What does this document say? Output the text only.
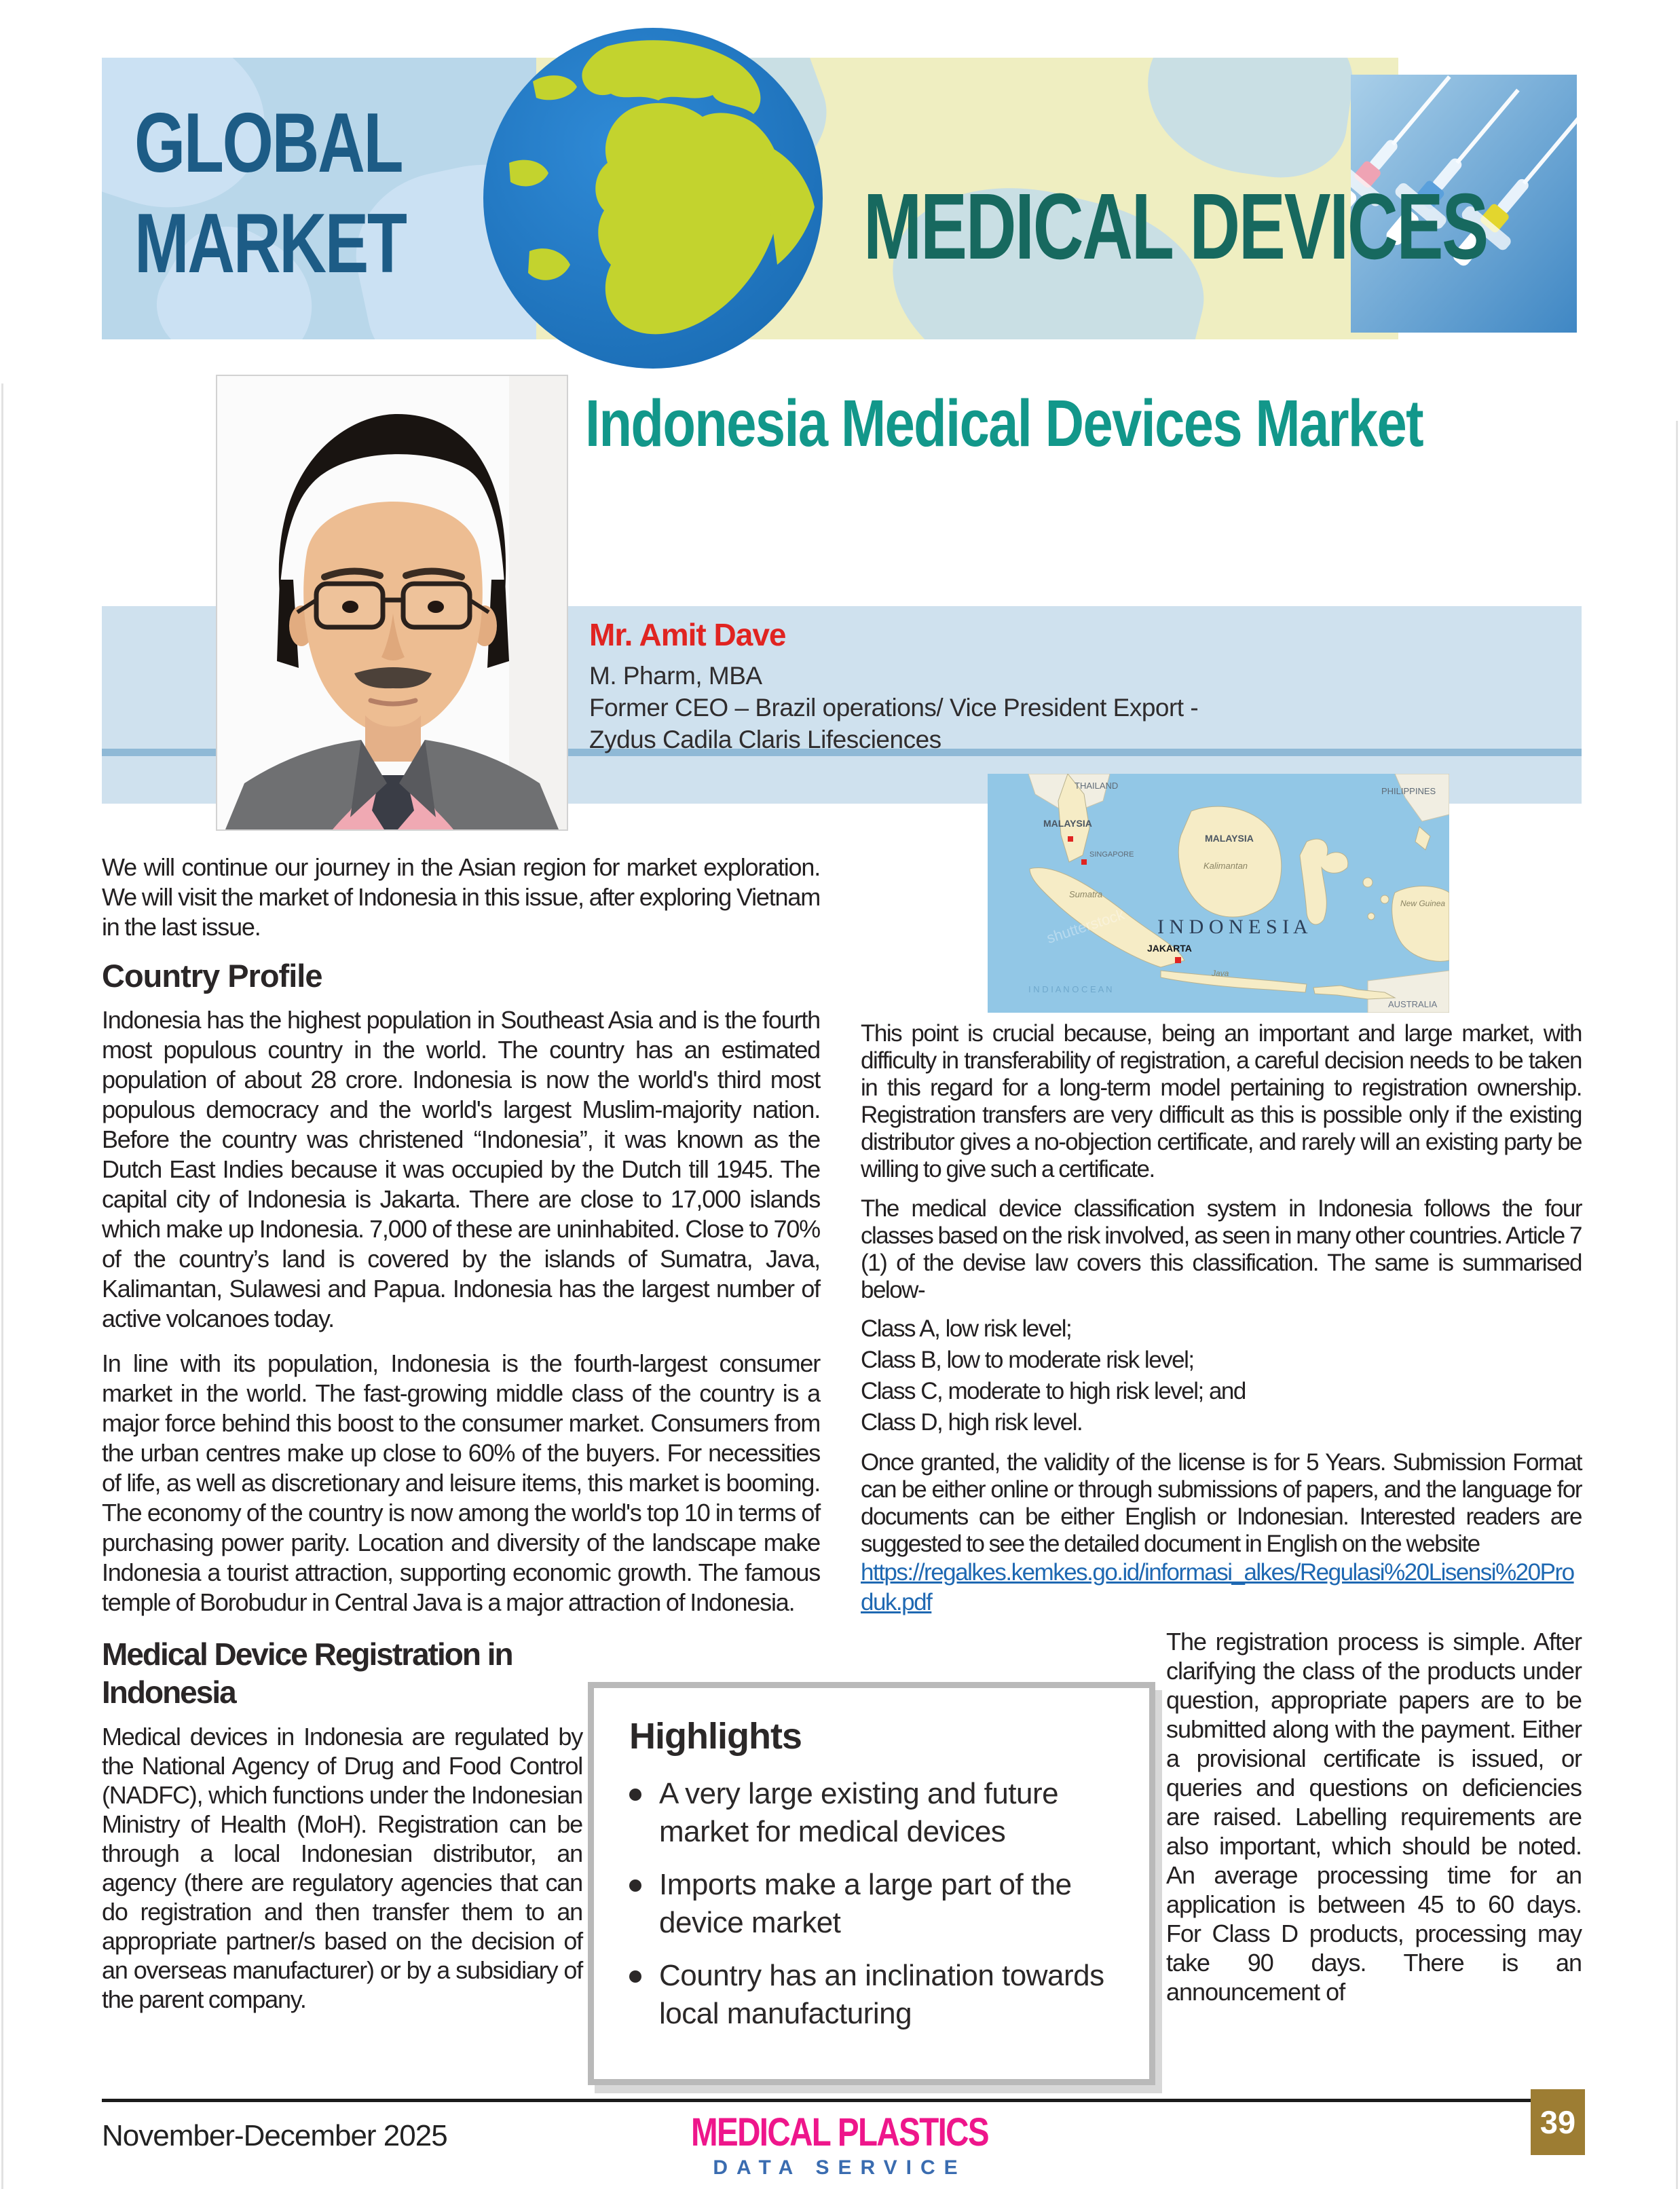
GLOBAL
MARKET	MEDICAL DEVICES
Indonesia Medical Devices Market
Mr. Amit Dave
M. Pharm, MBA
Former CEO – Brazil operations/ Vice President Export -
Zydus Cadila Claris Lifesciences
shutterstock
THAILAND
MALAYSIA
SINGAPORE
MALAYSIA
PHILIPPINES
I N D O N E S I A
JAKARTA
Sumatra
Kalimantan
Java
New Guinea
AUSTRALIA
I N D I A N O C E A N
We will continue our journey in the Asian region for market exploration. We will visit the market of Indonesia in this issue, after exploring Vietnam in the last issue.
Country Profile
Indonesia has the highest population in Southeast Asia and is the fourth most populous country in the world. The country has an estimated population of about 28 crore. Indonesia is now the world's third most populous democracy and the world's largest Muslim-majority nation. Before the country was christened “Indonesia”, it was known as the Dutch East Indies because it was occupied by the Dutch till 1945. The capital city of Indonesia is Jakarta. There are close to 17,000 islands which make up Indonesia. 7,000 of these are uninhabited. Close to 70% of the country’s land is covered by the islands of Sumatra, Java, Kalimantan, Sulawesi and Papua. Indonesia has the largest number of active volcanoes today.
In line with its population, Indonesia is the fourth-largest consumer market in the world. The fast-growing middle class of the country is a major force behind this boost to the consumer market. Consumers from the urban centres make up close to 60% of the buyers. For necessities of life, as well as discretionary and leisure items, this market is booming. The economy of the country is now among the world's top 10 in terms of purchasing power parity. Location and diversity of the landscape make Indonesia a tourist attraction, supporting economic growth. The famous temple of Borobudur in Central Java is a major attraction of Indonesia.
Medical Device Registration in Indonesia
Medical devices in Indonesia are regulated by the National Agency of Drug and Food Control (NADFC), which functions under the Indonesian Ministry of Health (MoH). Registration can be through a local Indonesian distributor, an agency (there are regulatory agencies that can do registration and then transfer them to an appropriate partner/s based on the decision of an overseas manufacturer) or by a subsidiary of the parent company.
This point is crucial because, being an important and large market, with difficulty in transferability of registration, a careful decision needs to be taken in this regard for a long-term model pertaining to registration ownership. Registration transfers are very difficult as this is possible only if the existing distributor gives a no-objection certificate, and rarely will an existing party be willing to give such a certificate.
The medical device classification system in Indonesia follows the four classes based on the risk involved, as seen in many other countries. Article 7 (1) of the devise law covers this classification. The same is summarised below-
Class A, low risk level;
Class B, low to moderate risk level;
Class C, moderate to high risk level; and
Class D, high risk level.
Once granted, the validity of the license is for 5 Years. Submission Format can be either online or through submissions of papers, and the language for documents can be either English or Indonesian. Interested readers are suggested to see the detailed document in English on the website
https://regalkes.kemkes.go.id/informasi_alkes/Regulasi%20Lisensi%20Produk.pdf
The registration process is simple. After clarifying the class of the products under question, appropriate papers are to be submitted along with the payment. Either a provisional certificate is issued, or queries and questions on deficiencies are raised. Labelling requirements are also important, which should be noted. An average processing time for an application is between 45 to 60 days. For Class D products, processing may take 90 days. There is an announcement of
Highlights
A very large existing and future market for medical devices
Imports make a large part of the device market
Country has an inclination towards local manufacturing
November-December 2025	MEDICAL PLASTICS
DATA SERVICE
39
